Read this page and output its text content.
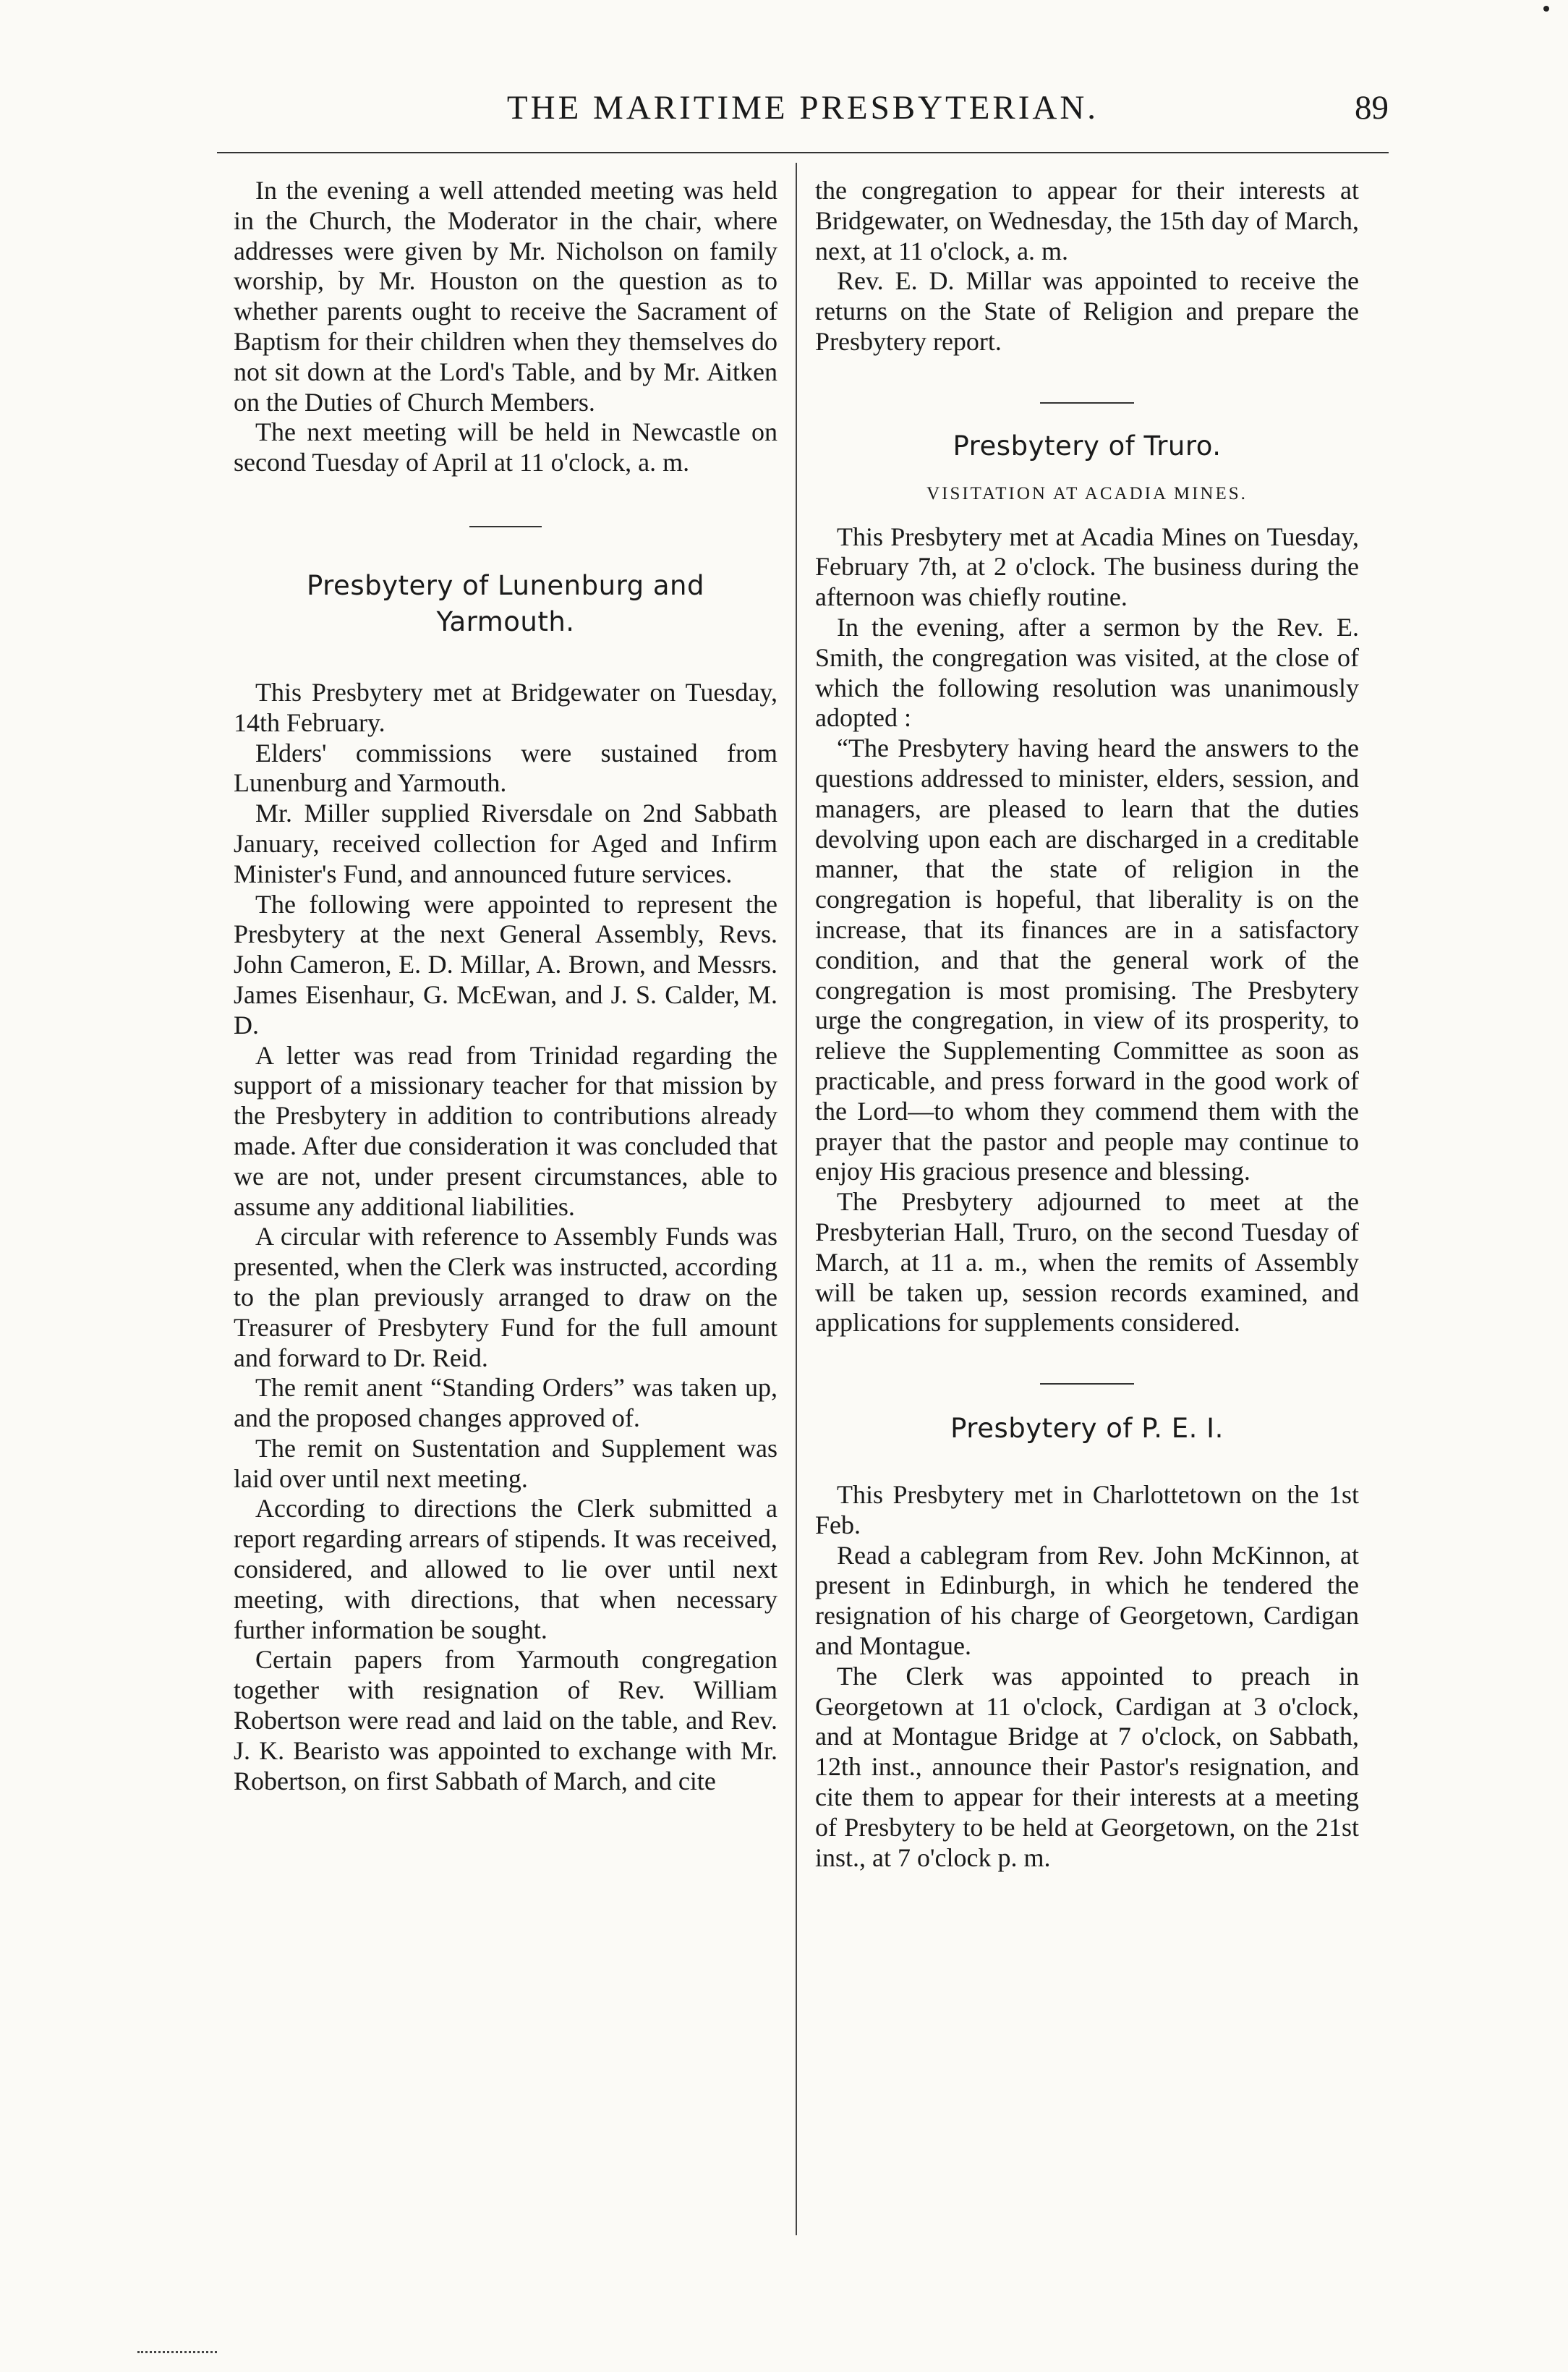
THE MARITIME PRESBYTERIAN.	89

In the evening a well attended meeting was held in the Church, the Moderator in the chair, where addresses were given by Mr. Nicholson on family worship, by Mr. Houston on the question as to whether parents ought to receive the Sacrament of Baptism for their children when they themselves do not sit down at the Lord's Table, and by Mr. Aitken on the Duties of Church Members.

The next meeting will be held in Newcastle on second Tuesday of April at 11 o'clock, a. m.

Presbytery of Lunenburg and Yarmouth.

This Presbytery met at Bridgewater on Tuesday, 14th February.

Elders' commissions were sustained from Lunenburg and Yarmouth.

Mr. Miller supplied Riversdale on 2nd Sabbath January, received collection for Aged and Infirm Minister's Fund, and announced future services.

The following were appointed to represent the Presbytery at the next General Assembly, Revs. John Cameron, E. D. Millar, A. Brown, and Messrs. James Eisenhaur, G. McEwan, and J. S. Calder, M. D.

A letter was read from Trinidad regarding the support of a missionary teacher for that mission by the Presbytery in addition to contributions already made. After due consideration it was concluded that we are not, under present circumstances, able to assume any additional liabilities.

A circular with reference to Assembly Funds was presented, when the Clerk was instructed, according to the plan previously arranged to draw on the Treasurer of Presbytery Fund for the full amount and forward to Dr. Reid.

The remit anent “Standing Orders” was taken up, and the proposed changes approved of.

The remit on Sustentation and Supplement was laid over until next meeting.

According to directions the Clerk submitted a report regarding arrears of stipends. It was received, considered, and allowed to lie over until next meeting, with directions, that when necessary further information be sought.

Certain papers from Yarmouth congregation together with resignation of Rev. William Robertson were read and laid on the table, and Rev. J. K. Bearisto was appointed to exchange with Mr. Robertson, on first Sabbath of March, and cite

the congregation to appear for their interests at Bridgewater, on Wednesday, the 15th day of March, next, at 11 o'clock, a. m.

Rev. E. D. Millar was appointed to receive the returns on the State of Religion and prepare the Presbytery report.

Presbytery of Truro.
VISITATION AT ACADIA MINES.

This Presbytery met at Acadia Mines on Tuesday, February 7th, at 2 o'clock. The business during the afternoon was chiefly routine.

In the evening, after a sermon by the Rev. E. Smith, the congregation was visited, at the close of which the following resolution was unanimously adopted :

“The Presbytery having heard the answers to the questions addressed to minister, elders, session, and managers, are pleased to learn that the duties devolving upon each are discharged in a creditable manner, that the state of religion in the congregation is hopeful, that liberality is on the increase, that its finances are in a satisfactory condition, and that the general work of the congregation is most promising. The Presbytery urge the congregation, in view of its prosperity, to relieve the Supplementing Committee as soon as practicable, and press forward in the good work of the Lord—to whom they commend them with the prayer that the pastor and people may continue to enjoy His gracious presence and blessing.

The Presbytery adjourned to meet at the Presbyterian Hall, Truro, on the second Tuesday of March, at 11 a. m., when the remits of Assembly will be taken up, session records examined, and applications for supplements considered.

Presbytery of P. E. I.

This Presbytery met in Charlottetown on the 1st Feb.

Read a cablegram from Rev. John McKinnon, at present in Edinburgh, in which he tendered the resignation of his charge of Georgetown, Cardigan and Montague.

The Clerk was appointed to preach in Georgetown at 11 o'clock, Cardigan at 3 o'clock, and at Montague Bridge at 7 o'clock, on Sabbath, 12th inst., announce their Pastor's resignation, and cite them to appear for their interests at a meeting of Presbytery to be held at Georgetown, on the 21st inst., at 7 o'clock p. m.
